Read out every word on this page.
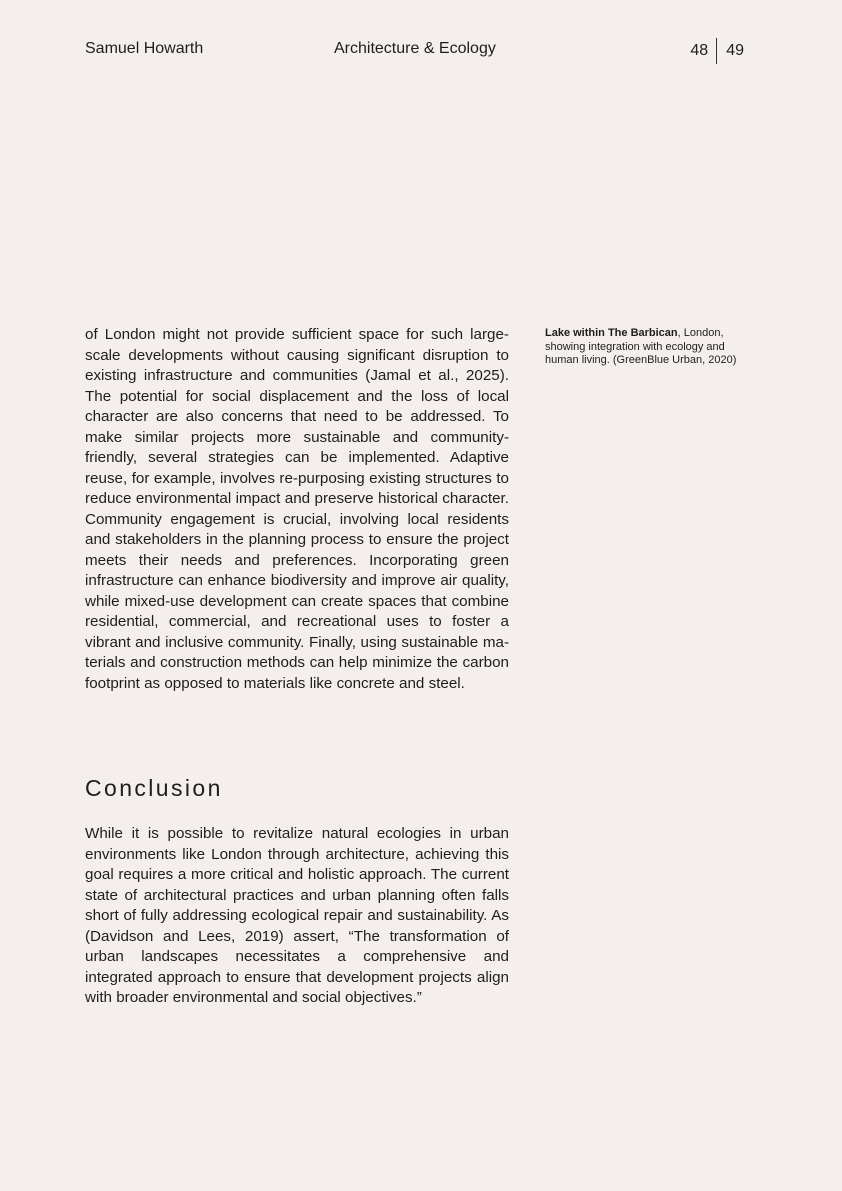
Samuel Howarth	Architecture & Ecology	48 49

of London might not provide sufficient space for such large-scale developments without causing significant disruption to existing infrastructure and communities (Jamal et al., 2025). The potential for social displacement and the loss of local character are also concerns that need to be addressed. To make similar projects more sustainable and community-friendly, several strategies can be implemented. Adaptive reuse, for example, involves re-purposing existing structures to reduce environmental impact and preserve historical character. Community engagement is crucial, involving local residents and stakeholders in the planning process to ensure the project meets their needs and preferences. Incorporating green infrastructure can enhance biodiversity and improve air quality, while mixed-use development can create spaces that combine residential, commercial, and recreational uses to foster a vibrant and inclusive community. Finally, using sustainable materials and construction methods can help minimize the carbon footprint as opposed to materials like concrete and steel.

Conclusion

While it is possible to revitalize natural ecologies in urban environments like London through architecture, achieving this goal requires a more critical and holistic approach. The current state of architectural practices and urban planning often falls short of fully addressing ecological repair and sustainability. As (Davidson and Lees, 2019) assert, “The transformation of urban landscapes necessitates a comprehensive and integrated approach to ensure that development projects align with broader environmental and social objectives.”

Lake within The Barbican, London, showing integration with ecology and human living. (GreenBlue Urban, 2020)
